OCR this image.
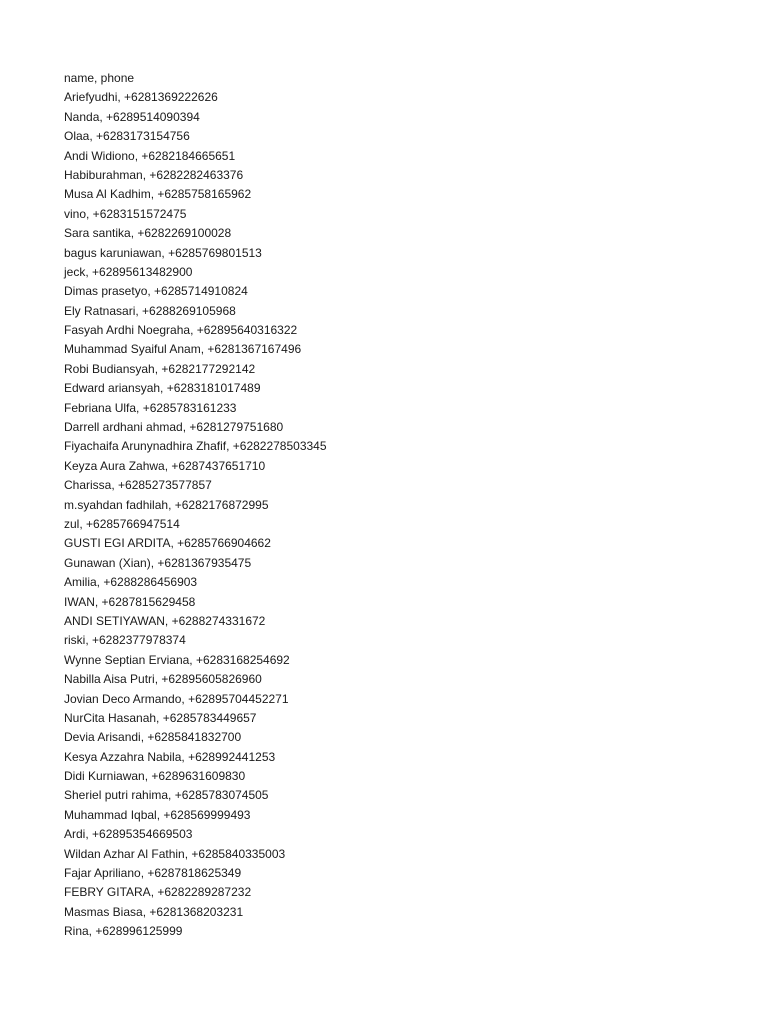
name, phone
Ariefyudhi, +6281369222626
Nanda, +6289514090394
Olaa, +6283173154756
Andi Widiono, +6282184665651
Habiburahman, +6282282463376
Musa Al Kadhim, +6285758165962
vino, +6283151572475
Sara santika, +6282269100028
bagus karuniawan, +6285769801513
jeck, +62895613482900
Dimas prasetyo, +6285714910824
Ely Ratnasari, +6288269105968
Fasyah Ardhi Noegraha, +62895640316322
Muhammad Syaiful Anam, +6281367167496
Robi Budiansyah, +6282177292142
Edward ariansyah, +6283181017489
Febriana Ulfa, +6285783161233
Darrell ardhani ahmad, +6281279751680
Fiyachaifa Arunynadhira Zhafif, +6282278503345
Keyza Aura Zahwa, +6287437651710
Charissa, +6285273577857
m.syahdan fadhilah, +6282176872995
zul, +6285766947514
GUSTI EGI ARDITA, +6285766904662
Gunawan (Xian), +6281367935475
Amilia, +6288286456903
IWAN, +6287815629458
ANDI SETIYAWAN, +6288274331672
riski, +6282377978374
Wynne Septian Erviana, +6283168254692
Nabilla Aisa Putri, +62895605826960
Jovian Deco Armando, +62895704452271
NurCita Hasanah, +6285783449657
Devia Arisandi, +6285841832700
Kesya Azzahra Nabila, +628992441253
Didi Kurniawan, +6289631609830
Sheriel putri rahima, +6285783074505
Muhammad Iqbal, +628569999493
Ardi, +62895354669503
Wildan Azhar Al Fathin, +6285840335003
Fajar Apriliano, +6287818625349
FEBRY GITARA, +6282289287232
Masmas Biasa, +6281368203231
Rina, +628996125999
